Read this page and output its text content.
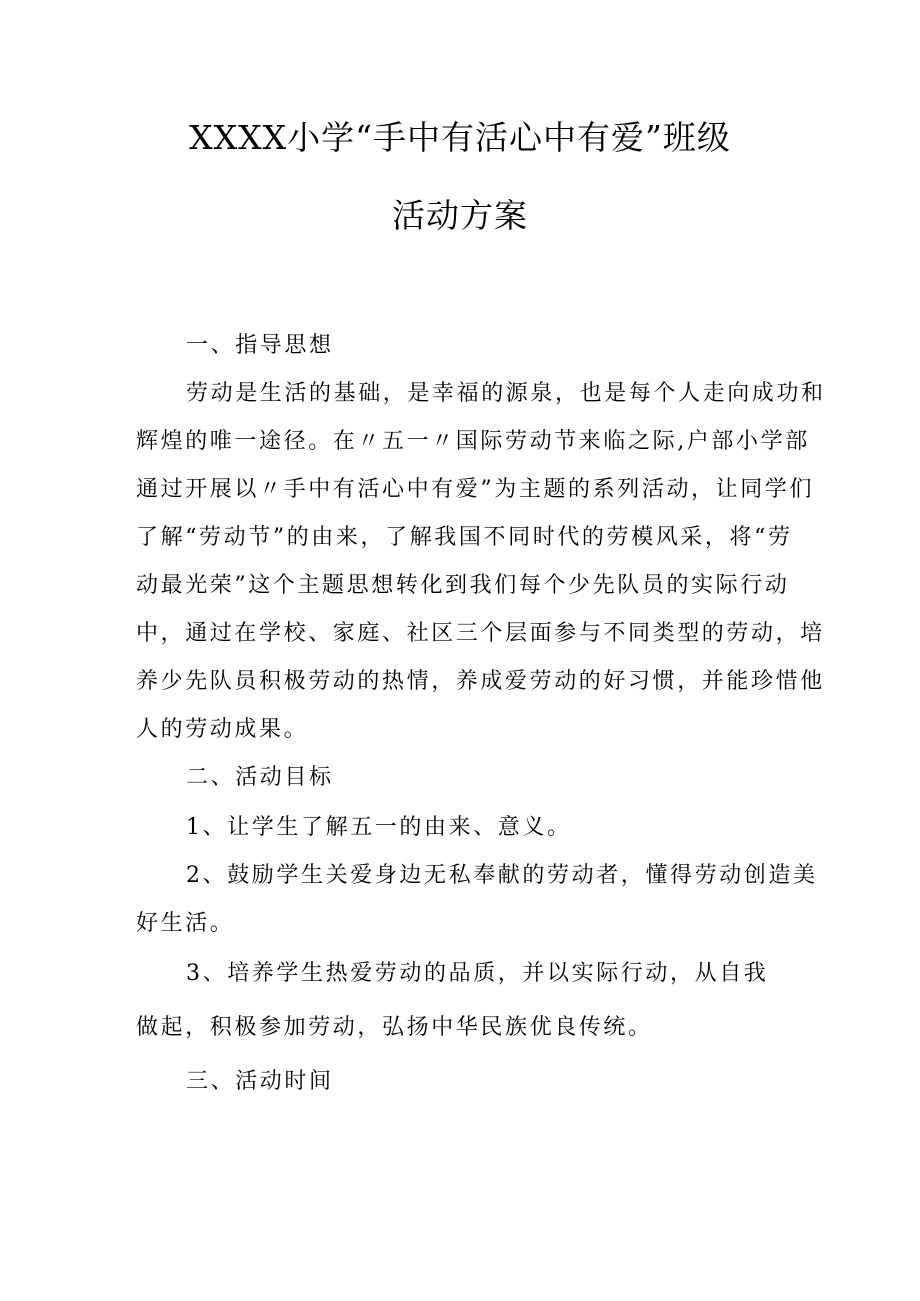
XXXX小学“手中有活心中有爱”班级
活动方案
一、指导思想
劳动是生活的基础，是幸福的源泉，也是每个人走向成功和
辉煌的唯一途径。在〃五一〃国际劳动节来临之际,户部小学部
通过开展以〃手中有活心中有爱”为主题的系列活动，让同学们
了解“劳动节”的由来，了解我国不同时代的劳模风采，将“劳
动最光荣”这个主题思想转化到我们每个少先队员的实际行动
中，通过在学校、家庭、社区三个层面参与不同类型的劳动，培
养少先队员积极劳动的热情，养成爱劳动的好习惯，并能珍惜他
人的劳动成果。
二、活动目标
1、让学生了解五一的由来、意义。
2、鼓励学生关爱身边无私奉献的劳动者，懂得劳动创造美
好生活。
3、培养学生热爱劳动的品质，并以实际行动，从自我
做起，积极参加劳动，弘扬中华民族优良传统。
三、活动时间
